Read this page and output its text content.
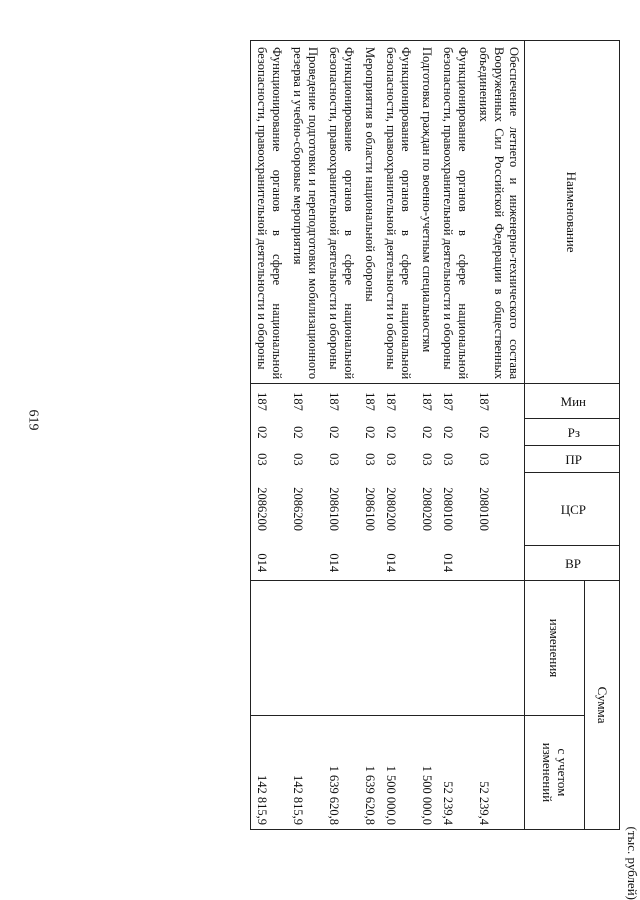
619
(тыс. рублей)
Наименование	Мин	Рз	ПР	ЦСР	ВР	Сумма	
						изменения	с учетом изменений
Обеспечение летнего и инженерно-технического состава Вооруженных Сил Российской Федерации в общественных объединениях	187	02	03	2080100			52 239,4
Функционирование органов в сфере национальной безопасности, правоохранительной деятельности и обороны	187	02	03	2080100	014		52 239,4
Подготовка граждан по военно-учетным специальностям	187	02	03	2080200			1 500 000,0
Функционирование органов в сфере национальной безопасности, правоохранительной деятельности и обороны	187	02	03	2080200	014		1 500 000,0
Мероприятия в области национальной обороны	187	02	03	2086100			1 639 620,8
Функционирование органов в сфере национальной безопасности, правоохранительной деятельности и обороны	187	02	03	2086100	014		1 639 620,8
Проведение подготовки и переподготовки мобилизационного резерва и учебно-сборовые мероприятия	187	02	03	2086200			142 815,9
Функционирование органов в сфере национальной безопасности, правоохранительной деятельности и обороны	187	02	03	2086200	014		142 815,9
